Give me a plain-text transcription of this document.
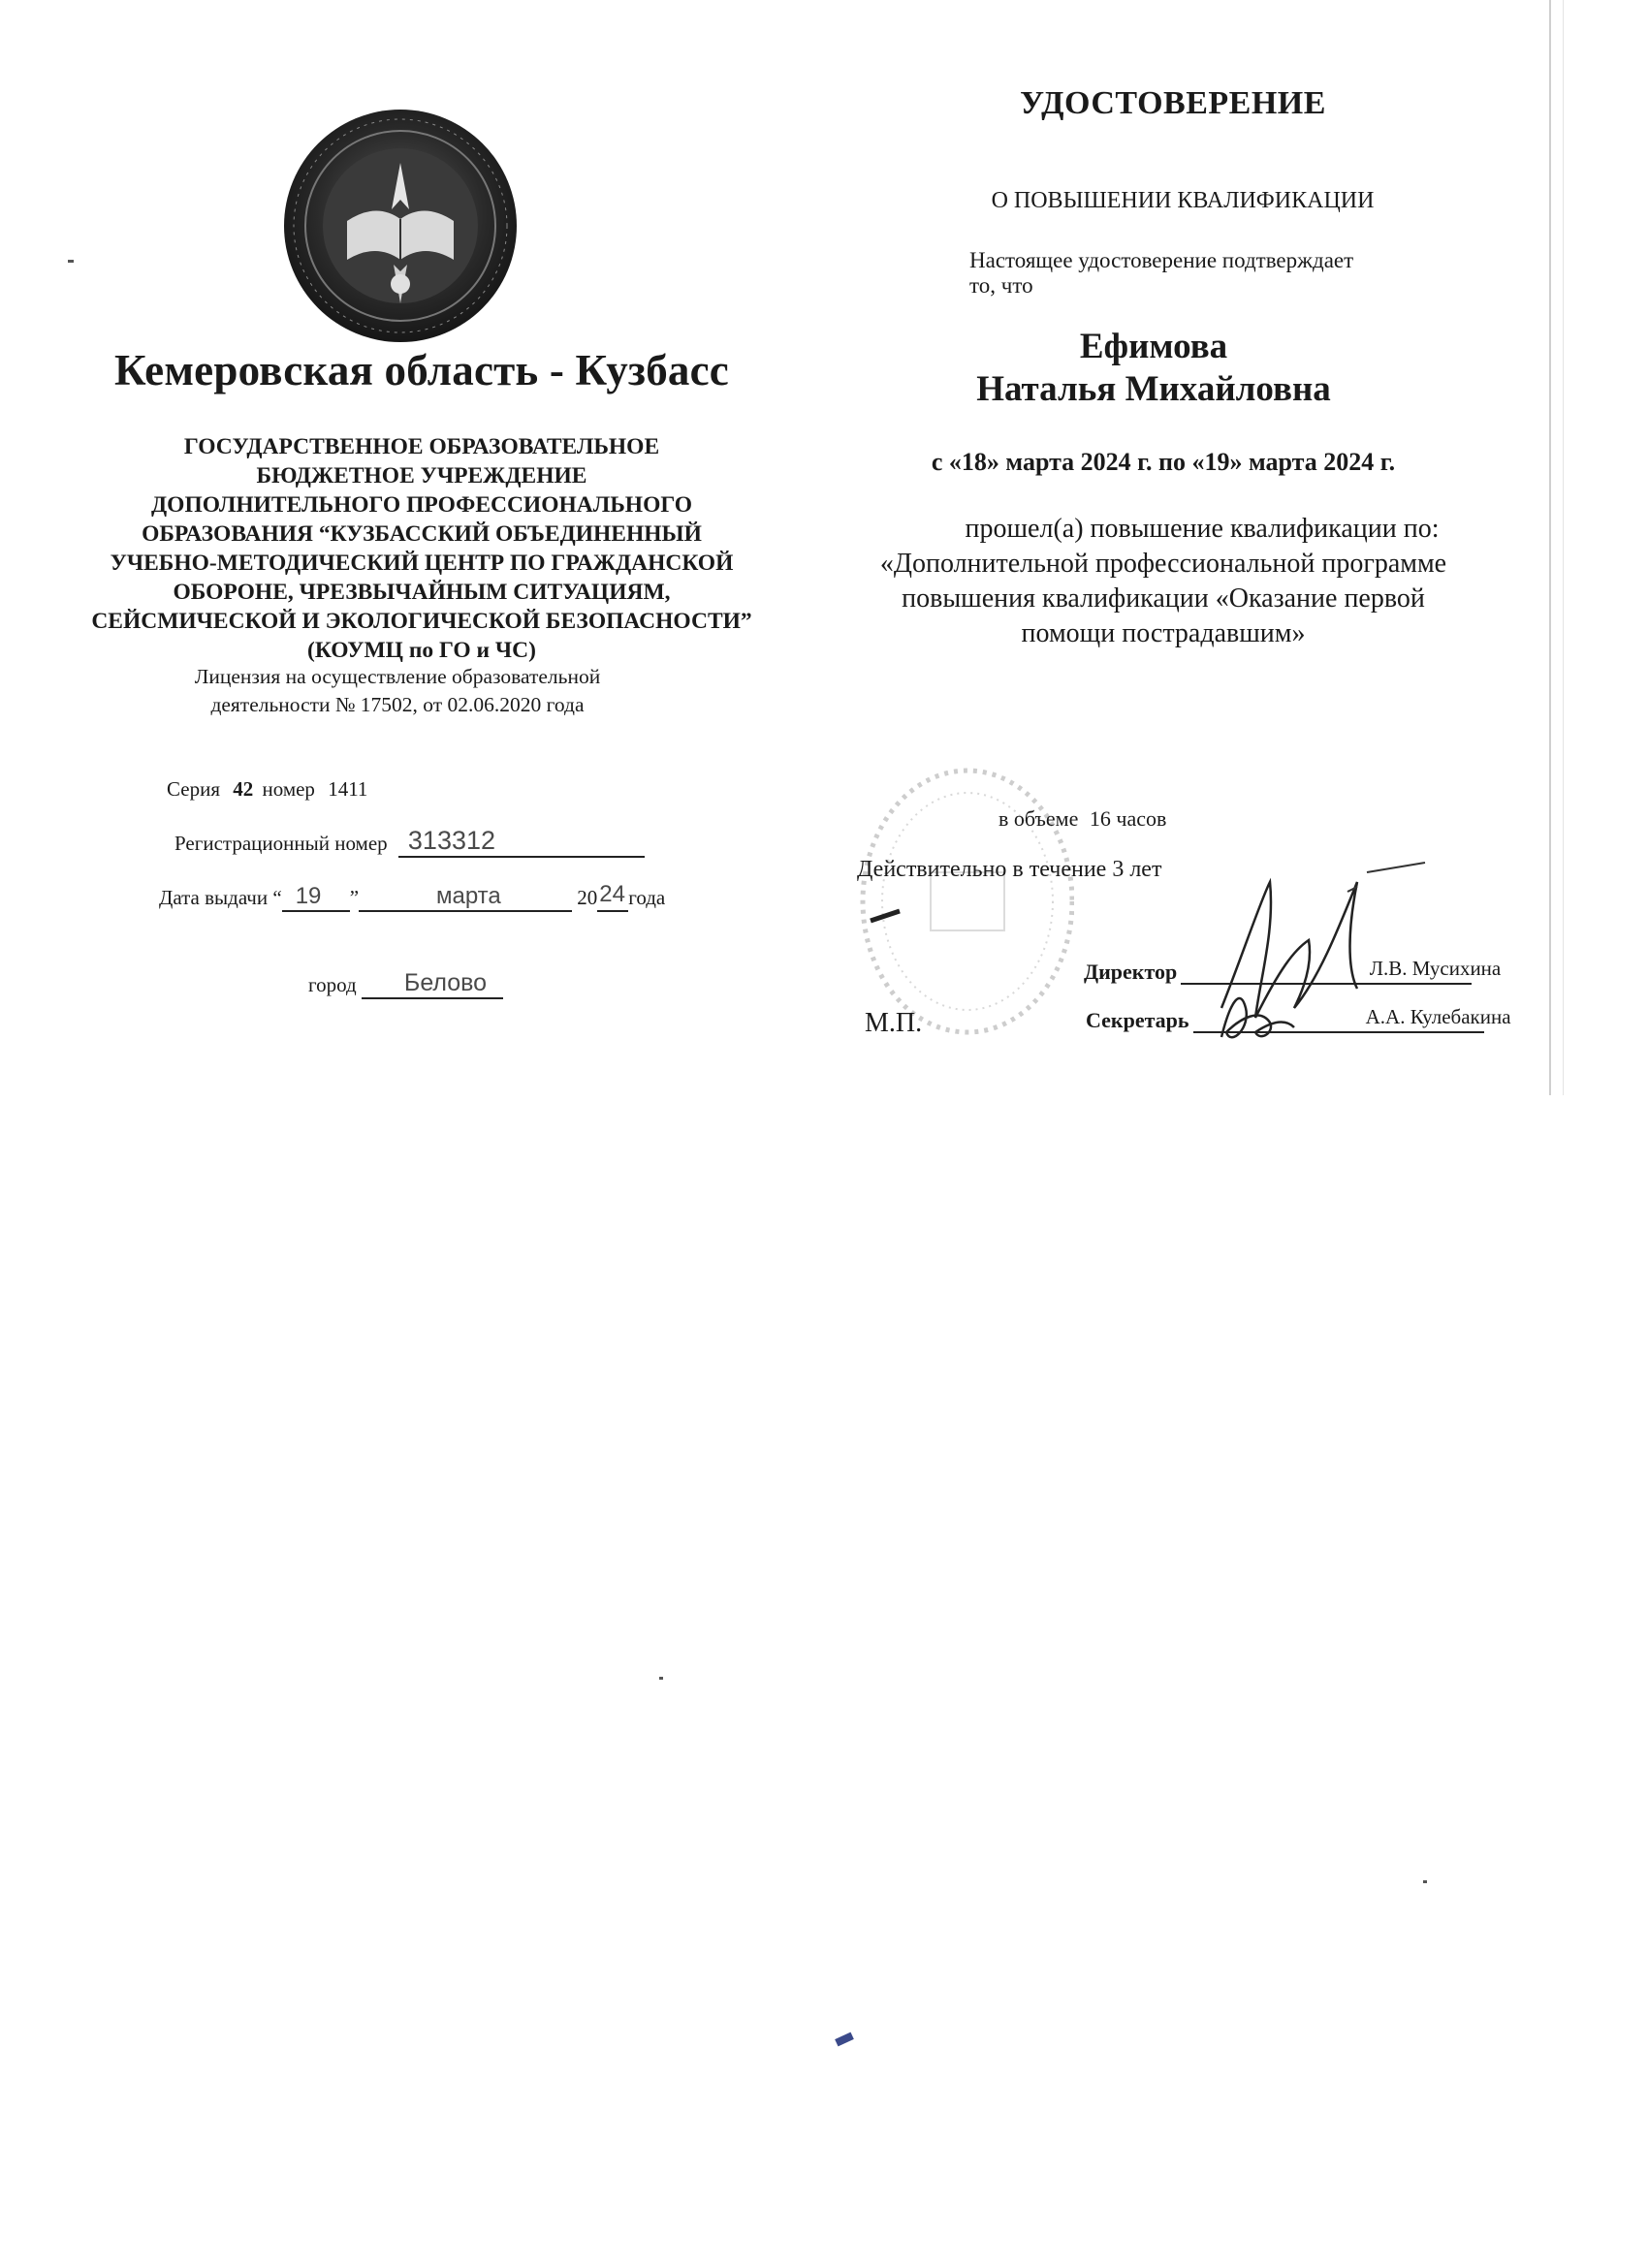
Кемеровская область - Кузбасс
ГОСУДАРСТВЕННОЕ ОБРАЗОВАТЕЛЬНОЕ
БЮДЖЕТНОЕ УЧРЕЖДЕНИЕ
ДОПОЛНИТЕЛЬНОГО ПРОФЕССИОНАЛЬНОГО
ОБРАЗОВАНИЯ “КУЗБАССКИЙ ОБЪЕДИНЕННЫЙ
УЧЕБНО-МЕТОДИЧЕСКИЙ ЦЕНТР ПО ГРАЖДАНСКОЙ
ОБОРОНЕ, ЧРЕЗВЫЧАЙНЫМ СИТУАЦИЯМ,
СЕЙСМИЧЕСКОЙ И ЭКОЛОГИЧЕСКОЙ БЕЗОПАСНОСТИ”
(КОУМЦ по ГО и ЧС)
Лицензия на осуществление образовательной
деятельности № 17502, от 02.06.2020 года
Серия 42 номер 1411
Регистрационный номер 313312

Дата выдачи “ 19 ”	марта	20 24 года
город Белово

УДОСТОВЕРЕНИЕ
О ПОВЫШЕНИИ КВАЛИФИКАЦИИ
Настоящее удостоверение подтверждает
то, что
Ефимова
Наталья Михайловна
с «18» марта 2024 г. по «19» марта 2024 г.
прошел(а) повышение квалификации по:
«Дополнительной профессиональной программе
повышения квалификации «Оказание первой
помощи пострадавшим»
в объеме 16 часов
Действительно в течение 3 лет
Директор	Л.В. Мусихина
М.П.	Секретарь	А.А. Кулебакина
